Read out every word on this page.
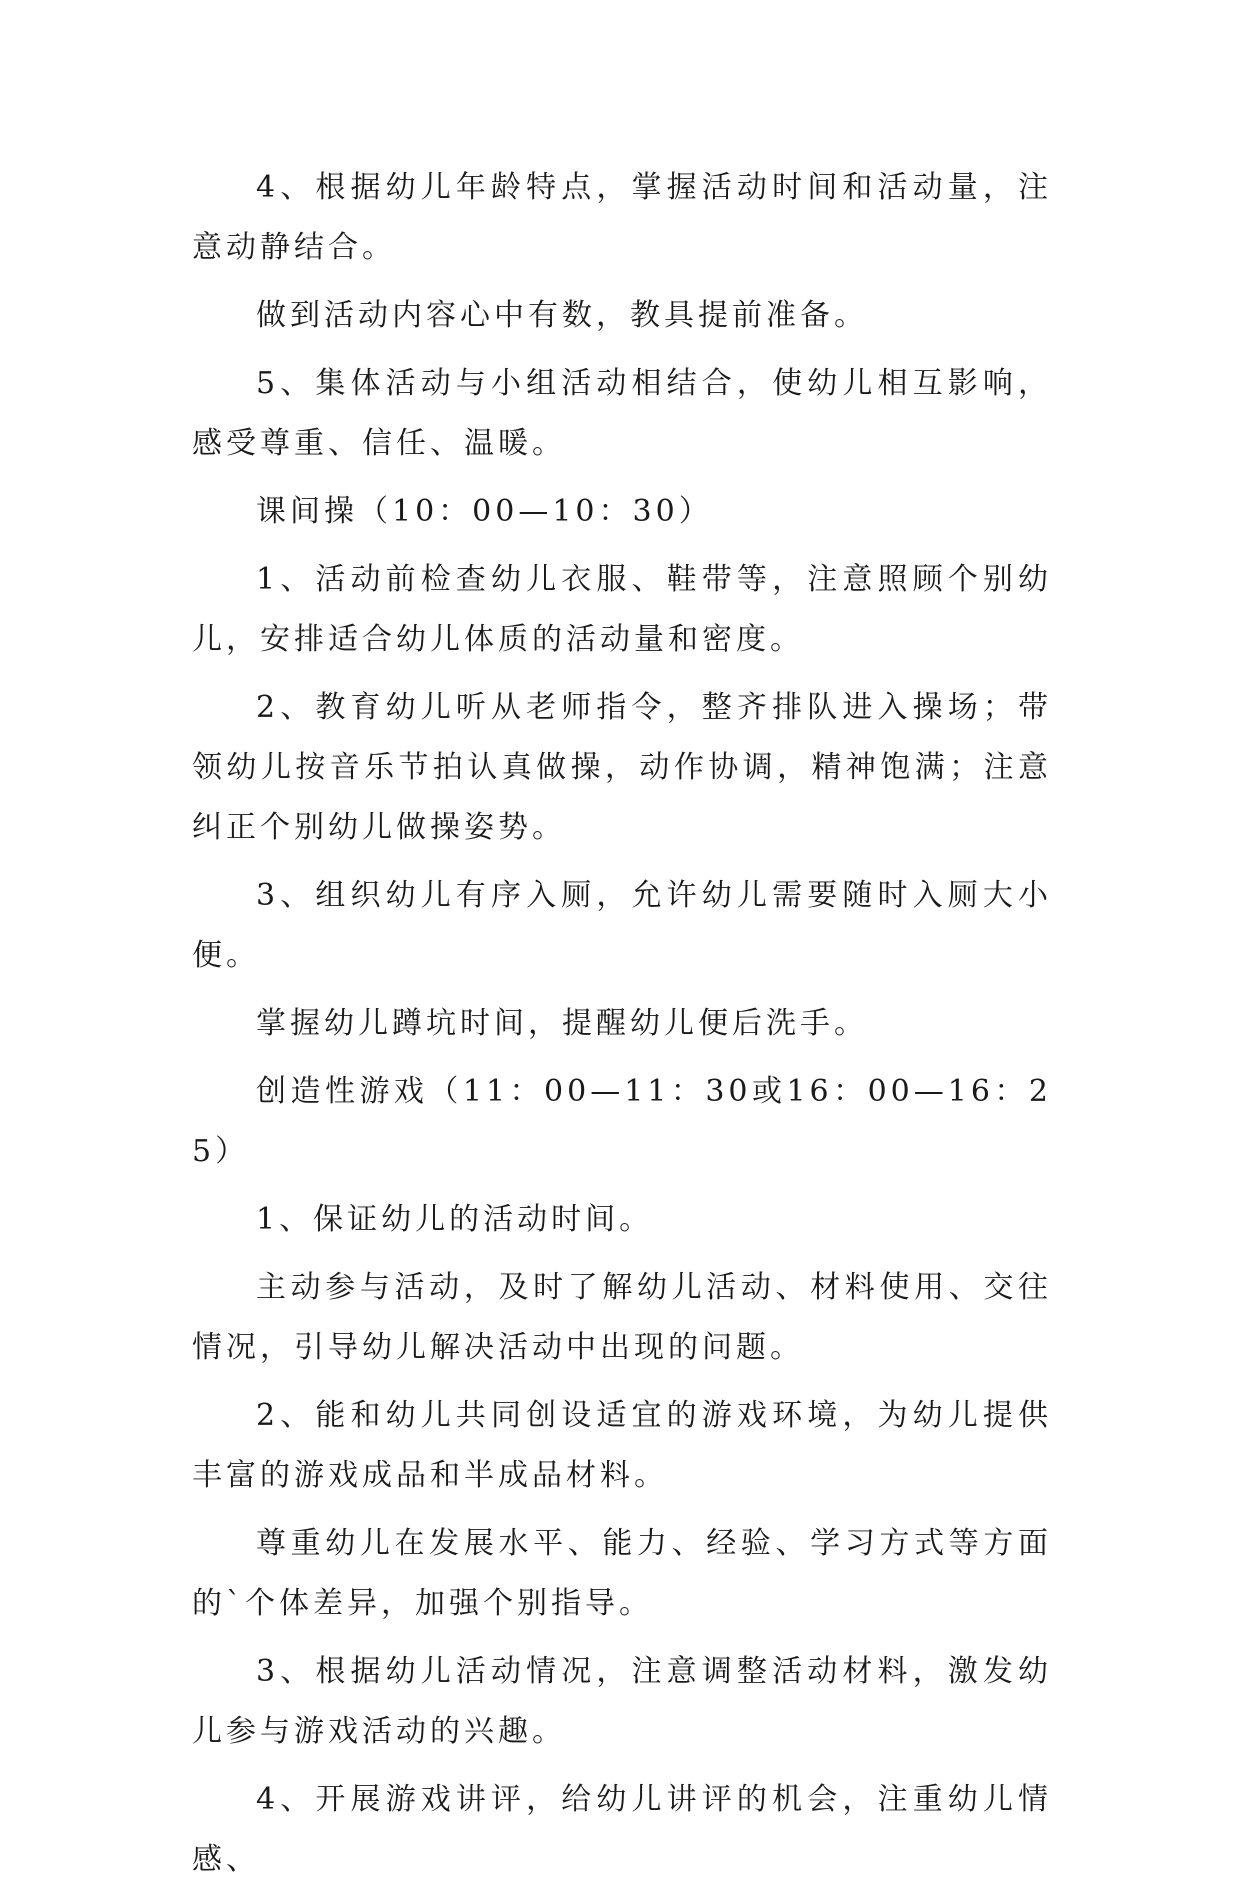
4、根据幼儿年龄特点，掌握活动时间和活动量，注意动静结合。

做到活动内容心中有数，教具提前准备。

5、集体活动与小组活动相结合，使幼儿相互影响，感受尊重、信任、温暖。

课间操（10：00—10：30）

1、活动前检查幼儿衣服、鞋带等，注意照顾个别幼儿，安排适合幼儿体质的活动量和密度。

2、教育幼儿听从老师指令，整齐排队进入操场；带领幼儿按音乐节拍认真做操，动作协调，精神饱满；注意纠正个别幼儿做操姿势。

3、组织幼儿有序入厕，允许幼儿需要随时入厕大小便。

掌握幼儿蹲坑时间，提醒幼儿便后洗手。

创造性游戏（11：00—11：30或16：00—16：25）

1、保证幼儿的活动时间。

主动参与活动，及时了解幼儿活动、材料使用、交往情况，引导幼儿解决活动中出现的问题。

2、能和幼儿共同创设适宜的游戏环境，为幼儿提供丰富的游戏成品和半成品材料。

尊重幼儿在发展水平、能力、经验、学习方式等方面的`个体差异，加强个别指导。

3、根据幼儿活动情况，注意调整活动材料，激发幼儿参与游戏活动的兴趣。

4、开展游戏讲评，给幼儿讲评的机会，注重幼儿情感、
